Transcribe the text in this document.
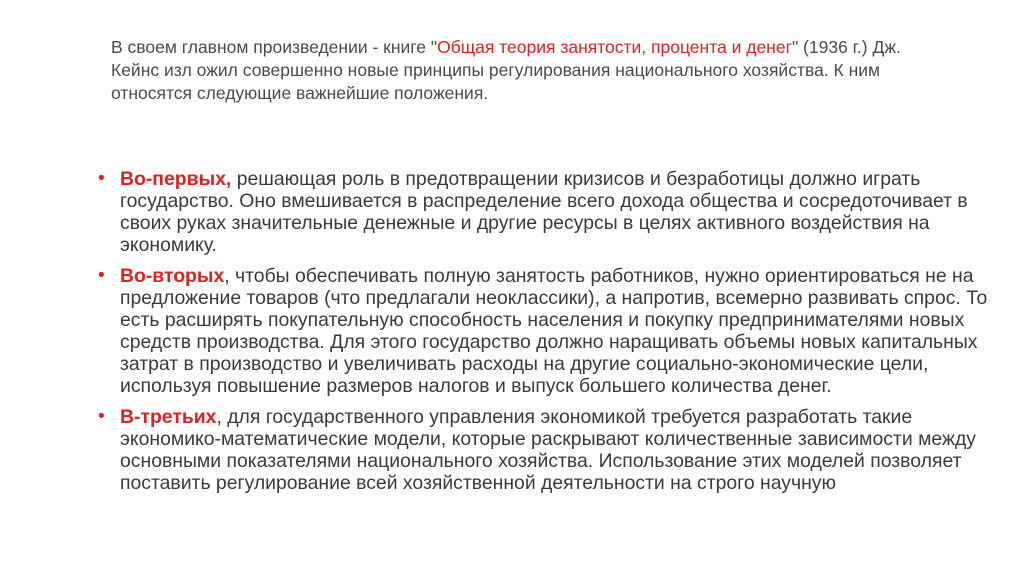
В своем главном произведении - книге "Общая теория занятости, процента и денег" (1936 г.) Дж. Кейнс изл ожил совершенно новые принципы регулирования национального хозяйства. К ним относятся следующие важнейшие положения.
• Во-первых, решающая роль в предотвращении кризисов и безработицы должно играть государство. Оно вмешивается в распределение всего дохода общества и сосредоточивает в своих руках значительные денежные и другие ресурсы в целях активного воздействия на экономику.
• Во-вторых, чтобы обеспечивать полную занятость работников, нужно ориентироваться не на предложение товаров (что предлагали неоклассики), а напротив, всемерно развивать спрос. То есть расширять покупательную способность населения и покупку предпринимателями новых средств производства. Для этого государство должно наращивать объемы новых капитальных затрат в производство и увеличивать расходы на другие социально-экономические цели, используя повышение размеров налогов и выпуск большего количества денег.
• В-третьих, для государственного управления экономикой требуется разработать такие экономико-математические модели, которые раскрывают количественные зависимости между основными показателями национального хозяйства. Использование этих моделей позволяет поставить регулирование всей хозяйственной деятельности на строго научную
